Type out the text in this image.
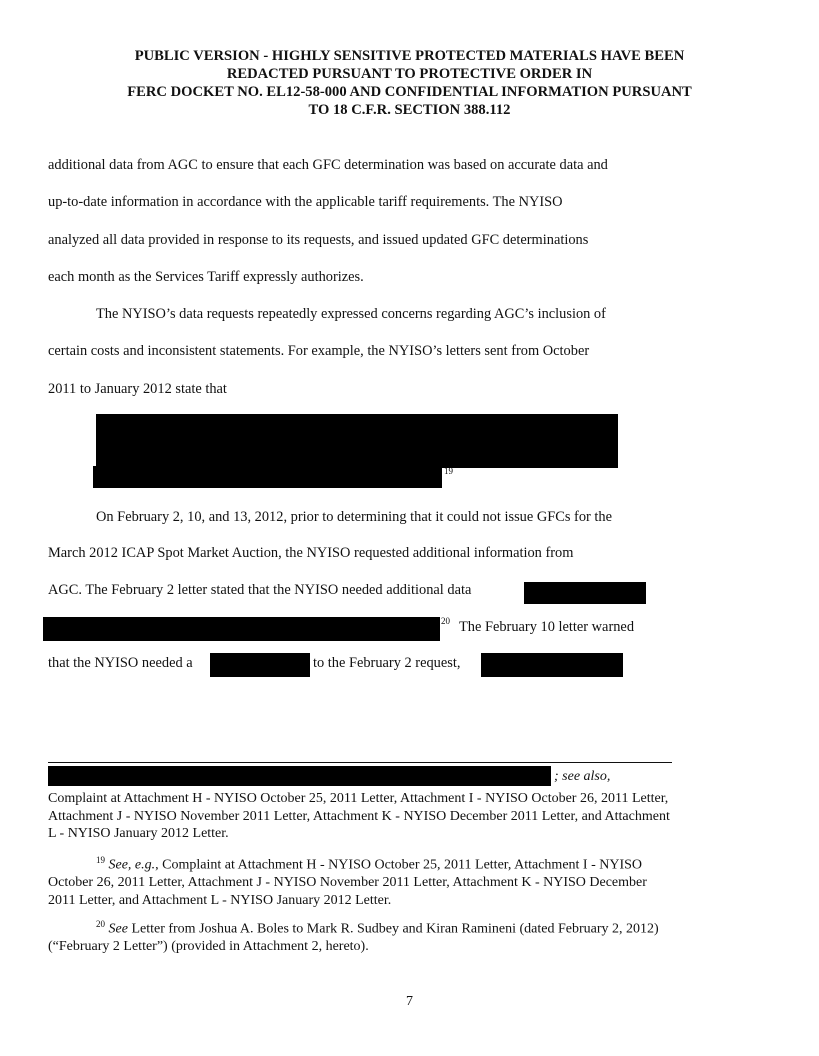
PUBLIC VERSION - HIGHLY SENSITIVE PROTECTED MATERIALS HAVE BEEN
REDACTED PURSUANT TO PROTECTIVE ORDER IN
FERC DOCKET NO. EL12-58-000 AND CONFIDENTIAL INFORMATION PURSUANT
TO 18 C.F.R. SECTION 388.112
additional data from AGC to ensure that each GFC determination was based on accurate data and
up-to-date information in accordance with the applicable tariff requirements. The NYISO
analyzed all data provided in response to its requests, and issued updated GFC determinations
each month as the Services Tariff expressly authorizes.
The NYISO’s data requests repeatedly expressed concerns regarding AGC’s inclusion of
certain costs and inconsistent statements. For example, the NYISO’s letters sent from October
2011 to January 2012 state that
19
On February 2, 10, and 13, 2012, prior to determining that it could not issue GFCs for the
March 2012 ICAP Spot Market Auction, the NYISO requested additional information from
AGC. The February 2 letter stated that the NYISO needed additional data
20 The February 10 letter warned
that the NYISO needed a	to the February 2 request,
; see also,
Complaint at Attachment H - NYISO October 25, 2011 Letter, Attachment I - NYISO October 26, 2011 Letter, Attachment J - NYISO November 2011 Letter, Attachment K - NYISO December 2011 Letter, and Attachment L - NYISO January 2012 Letter.
$^{19}$ See, e.g., Complaint at Attachment H - NYISO October 25, 2011 Letter, Attachment I - NYISO October 26, 2011 Letter, Attachment J - NYISO November 2011 Letter, Attachment K - NYISO December 2011 Letter, and Attachment L - NYISO January 2012 Letter.
$^{20}$ See Letter from Joshua A. Boles to Mark R. Sudbey and Kiran Ramineni (dated February 2, 2012) (“February 2 Letter”) (provided in Attachment 2, hereto).
7
